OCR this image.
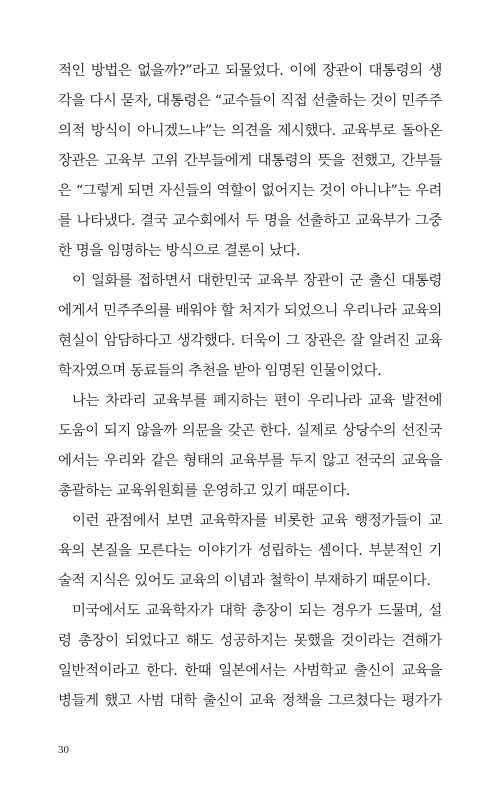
적인 방법은 없을까?”라고 되물었다. 이에 장관이 대통령의 생
각을 다시 묻자, 대통령은 “교수들이 직접 선출하는 것이 민주주
의적 방식이 아니겠느냐”는 의견을 제시했다. 교육부로 돌아온
장관은 고육부 고위 간부들에게 대통령의 뜻을 전했고, 간부들
은 “그렇게 되면 자신들의 역할이 없어지는 것이 아니냐”는 우려
를 나타냈다. 결국 교수회에서 두 명을 선출하고 교육부가 그중
한 명을 임명하는 방식으로 결론이 났다.
이 일화를 접하면서 대한민국 교육부 장관이 군 출신 대통령
에게서 민주주의를 배워야 할 처지가 되었으니 우리나라 교육의
현실이 암담하다고 생각했다. 더욱이 그 장관은 잘 알려진 교육
학자였으며 동료들의 추천을 받아 임명된 인물이었다.
나는 차라리 교육부를 폐지하는 편이 우리나라 교육 발전에
도움이 되지 않을까 의문을 갖곤 한다. 실제로 상당수의 선진국
에서는 우리와 같은 형태의 교육부를 두지 않고 전국의 교육을
총괄하는 교육위원회를 운영하고 있기 때문이다.
이런 관점에서 보면 교육학자를 비롯한 교육 행정가들이 교
육의 본질을 모른다는 이야기가 성립하는 셈이다. 부분적인 기
술적 지식은 있어도 교육의 이념과 철학이 부재하기 때문이다.
미국에서도 교육학자가 대학 총장이 되는 경우가 드물며, 설
령 총장이 되었다고 해도 성공하지는 못했을 것이라는 견해가
일반적이라고 한다. 한때 일본에서는 사범학교 출신이 교육을
병들게 했고 사범 대학 출신이 교육 정책을 그르쳤다는 평가가
30
